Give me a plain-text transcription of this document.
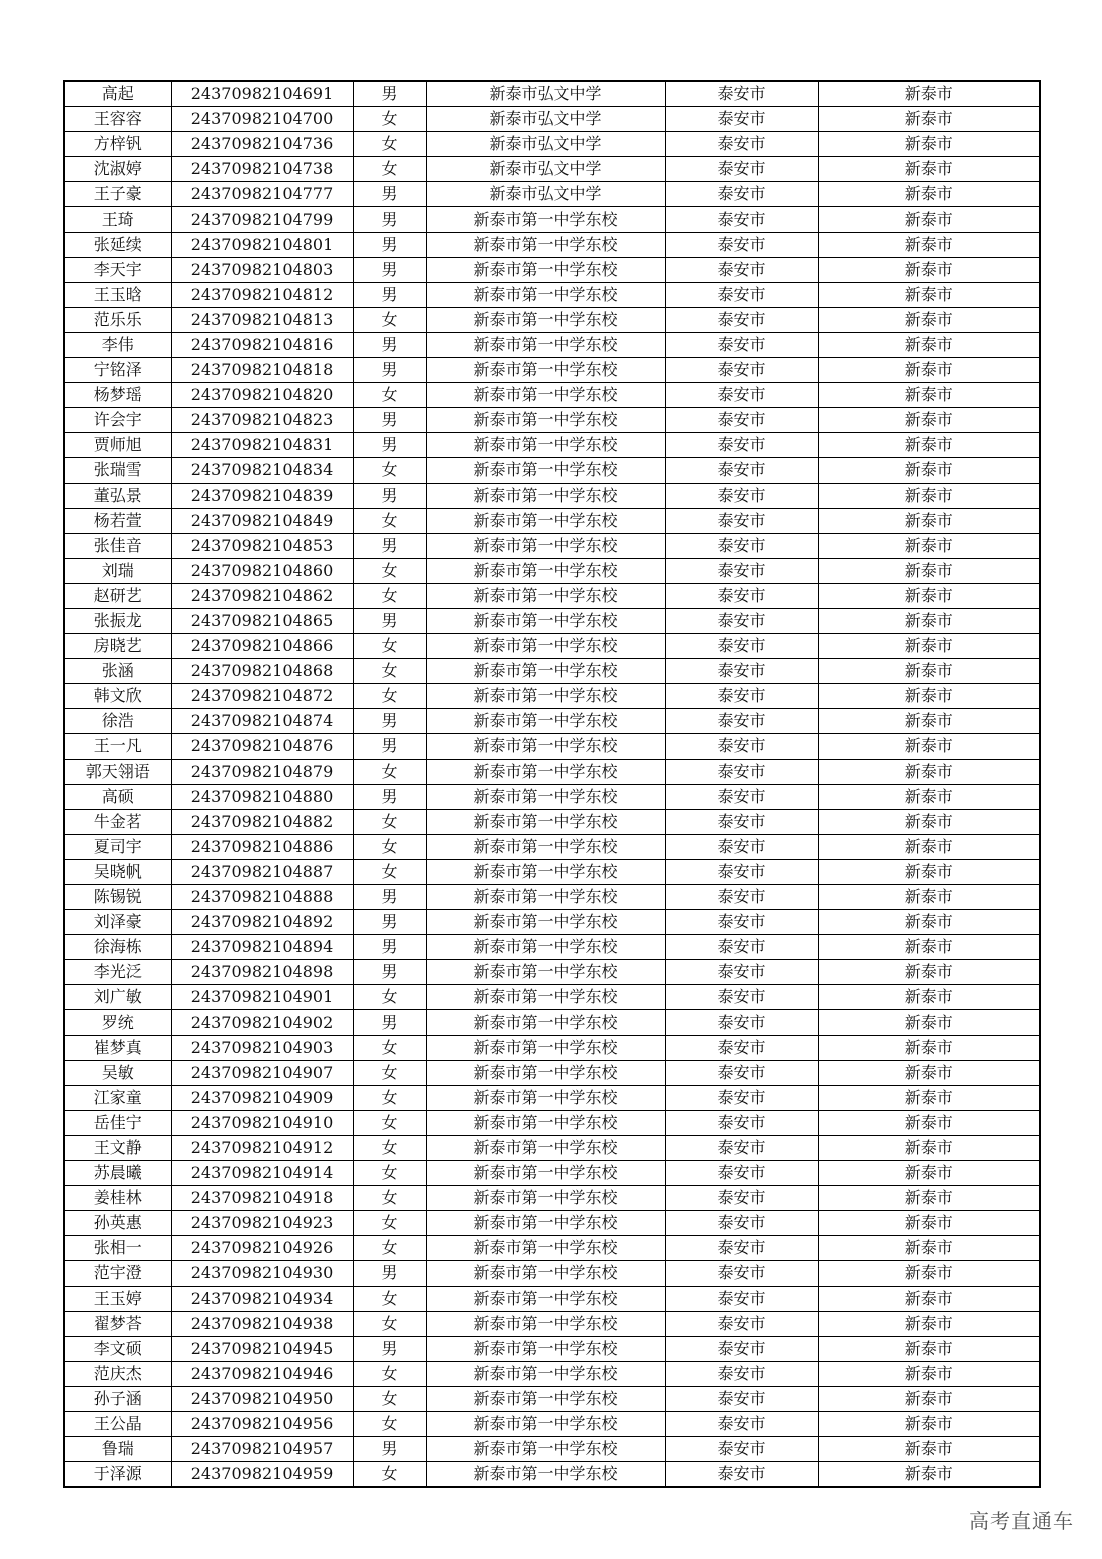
高起	24370982104691	男	新泰市弘文中学	泰安市	新泰市
王容容	24370982104700	女	新泰市弘文中学	泰安市	新泰市
方梓钒	24370982104736	女	新泰市弘文中学	泰安市	新泰市
沈淑婷	24370982104738	女	新泰市弘文中学	泰安市	新泰市
王子豪	24370982104777	男	新泰市弘文中学	泰安市	新泰市
王琦	24370982104799	男	新泰市第一中学东校	泰安市	新泰市
张延续	24370982104801	男	新泰市第一中学东校	泰安市	新泰市
李天宇	24370982104803	男	新泰市第一中学东校	泰安市	新泰市
王玉晗	24370982104812	男	新泰市第一中学东校	泰安市	新泰市
范乐乐	24370982104813	女	新泰市第一中学东校	泰安市	新泰市
李伟	24370982104816	男	新泰市第一中学东校	泰安市	新泰市
宁铭泽	24370982104818	男	新泰市第一中学东校	泰安市	新泰市
杨梦瑶	24370982104820	女	新泰市第一中学东校	泰安市	新泰市
许会宇	24370982104823	男	新泰市第一中学东校	泰安市	新泰市
贾师旭	24370982104831	男	新泰市第一中学东校	泰安市	新泰市
张瑞雪	24370982104834	女	新泰市第一中学东校	泰安市	新泰市
董弘景	24370982104839	男	新泰市第一中学东校	泰安市	新泰市
杨若萱	24370982104849	女	新泰市第一中学东校	泰安市	新泰市
张佳音	24370982104853	男	新泰市第一中学东校	泰安市	新泰市
刘瑞	24370982104860	女	新泰市第一中学东校	泰安市	新泰市
赵研艺	24370982104862	女	新泰市第一中学东校	泰安市	新泰市
张振龙	24370982104865	男	新泰市第一中学东校	泰安市	新泰市
房晓艺	24370982104866	女	新泰市第一中学东校	泰安市	新泰市
张涵	24370982104868	女	新泰市第一中学东校	泰安市	新泰市
韩文欣	24370982104872	女	新泰市第一中学东校	泰安市	新泰市
徐浩	24370982104874	男	新泰市第一中学东校	泰安市	新泰市
王一凡	24370982104876	男	新泰市第一中学东校	泰安市	新泰市
郭天翎语	24370982104879	女	新泰市第一中学东校	泰安市	新泰市
高硕	24370982104880	男	新泰市第一中学东校	泰安市	新泰市
牛金茗	24370982104882	女	新泰市第一中学东校	泰安市	新泰市
夏司宇	24370982104886	女	新泰市第一中学东校	泰安市	新泰市
吴晓帆	24370982104887	女	新泰市第一中学东校	泰安市	新泰市
陈锡锐	24370982104888	男	新泰市第一中学东校	泰安市	新泰市
刘泽豪	24370982104892	男	新泰市第一中学东校	泰安市	新泰市
徐海栋	24370982104894	男	新泰市第一中学东校	泰安市	新泰市
李光泛	24370982104898	男	新泰市第一中学东校	泰安市	新泰市
刘广敏	24370982104901	女	新泰市第一中学东校	泰安市	新泰市
罗统	24370982104902	男	新泰市第一中学东校	泰安市	新泰市
崔梦真	24370982104903	女	新泰市第一中学东校	泰安市	新泰市
吴敏	24370982104907	女	新泰市第一中学东校	泰安市	新泰市
江家童	24370982104909	女	新泰市第一中学东校	泰安市	新泰市
岳佳宁	24370982104910	女	新泰市第一中学东校	泰安市	新泰市
王文静	24370982104912	女	新泰市第一中学东校	泰安市	新泰市
苏晨曦	24370982104914	女	新泰市第一中学东校	泰安市	新泰市
姜桂林	24370982104918	女	新泰市第一中学东校	泰安市	新泰市
孙英惠	24370982104923	女	新泰市第一中学东校	泰安市	新泰市
张相一	24370982104926	女	新泰市第一中学东校	泰安市	新泰市
范宇澄	24370982104930	男	新泰市第一中学东校	泰安市	新泰市
王玉婷	24370982104934	女	新泰市第一中学东校	泰安市	新泰市
翟梦荅	24370982104938	女	新泰市第一中学东校	泰安市	新泰市
李文硕	24370982104945	男	新泰市第一中学东校	泰安市	新泰市
范庆杰	24370982104946	女	新泰市第一中学东校	泰安市	新泰市
孙子涵	24370982104950	女	新泰市第一中学东校	泰安市	新泰市
王公晶	24370982104956	女	新泰市第一中学东校	泰安市	新泰市
鲁瑞	24370982104957	男	新泰市第一中学东校	泰安市	新泰市
于泽源	24370982104959	女	新泰市第一中学东校	泰安市	新泰市
高考直通车
